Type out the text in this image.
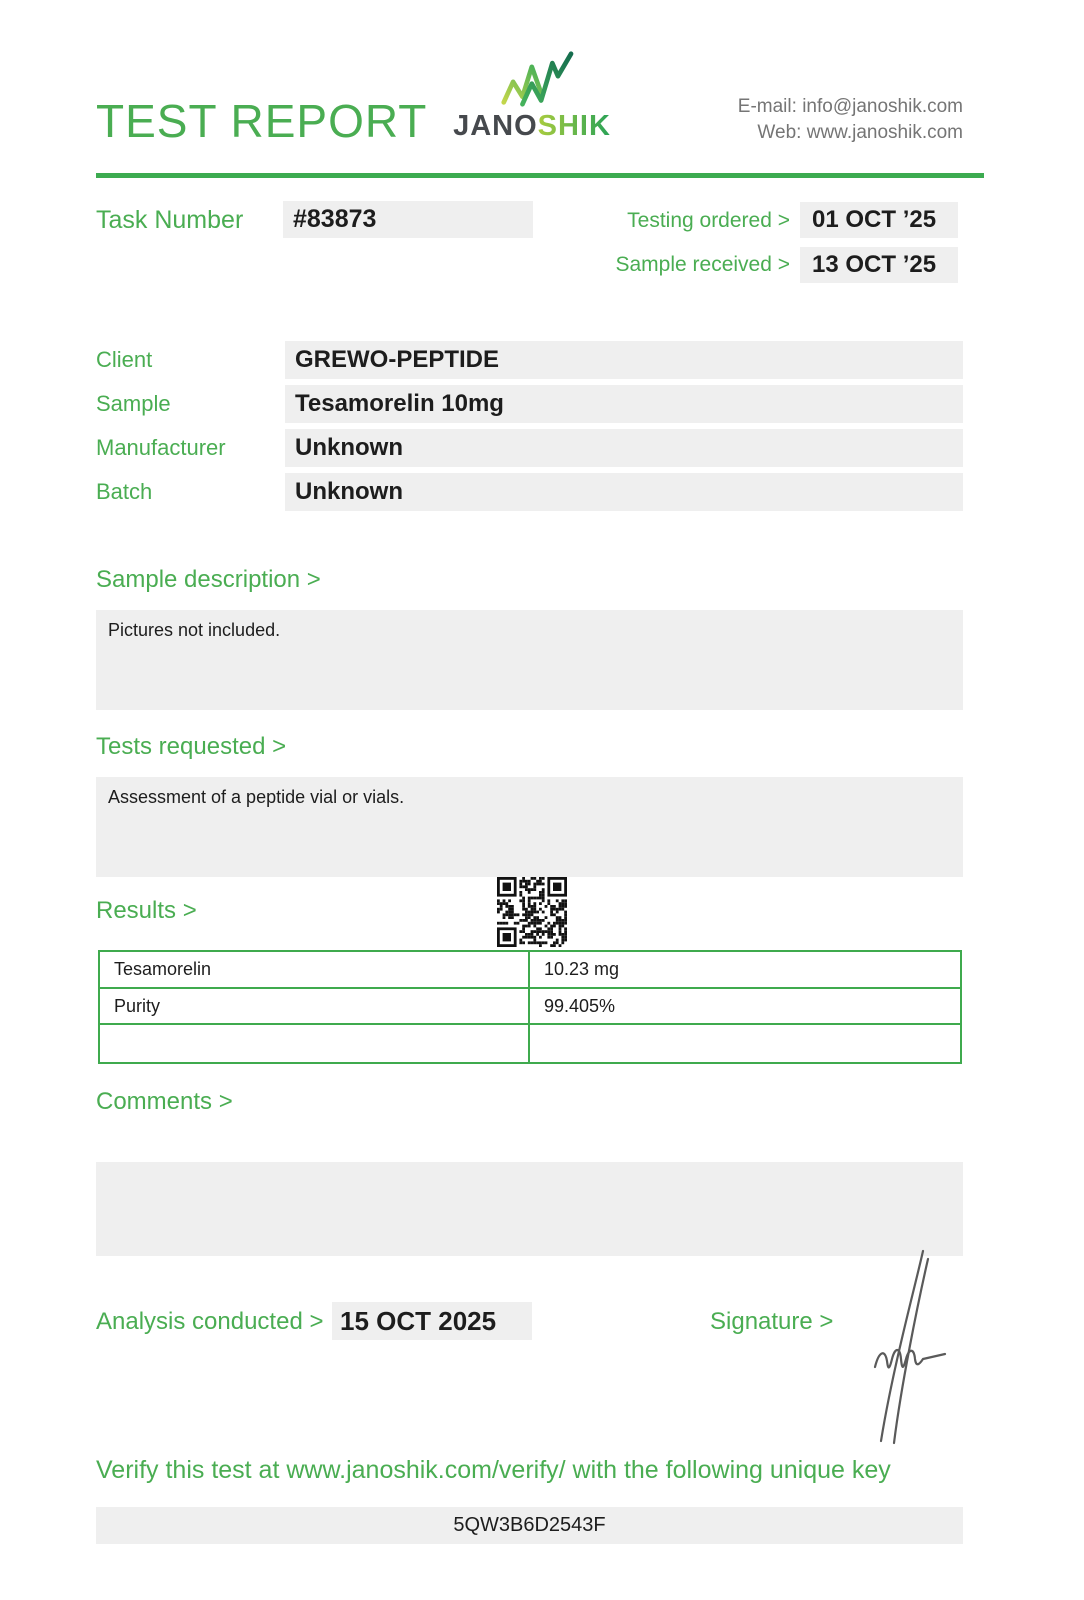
TEST REPORT JANOSHIK
E-mail: info@janoshik.com
Web: www.janoshik.com
Task Number	#83873	Testing ordered > 01 OCT ’25
Sample received > 13 OCT ’25
Client	GREWO-PEPTIDE
Sample	Tesamorelin 10mg
Manufacturer	Unknown
Batch	Unknown
Sample description >
Pictures not included.
Tests requested >
Assessment of a peptide vial or vials.
Results >
Tesamorelin	10.23 mg
Purity	99.405%
Comments >
Analysis conducted > 15 OCT 2025	Signature >
Verify this test at www.janoshik.com/verify/ with the following unique key
5QW3B6D2543F
